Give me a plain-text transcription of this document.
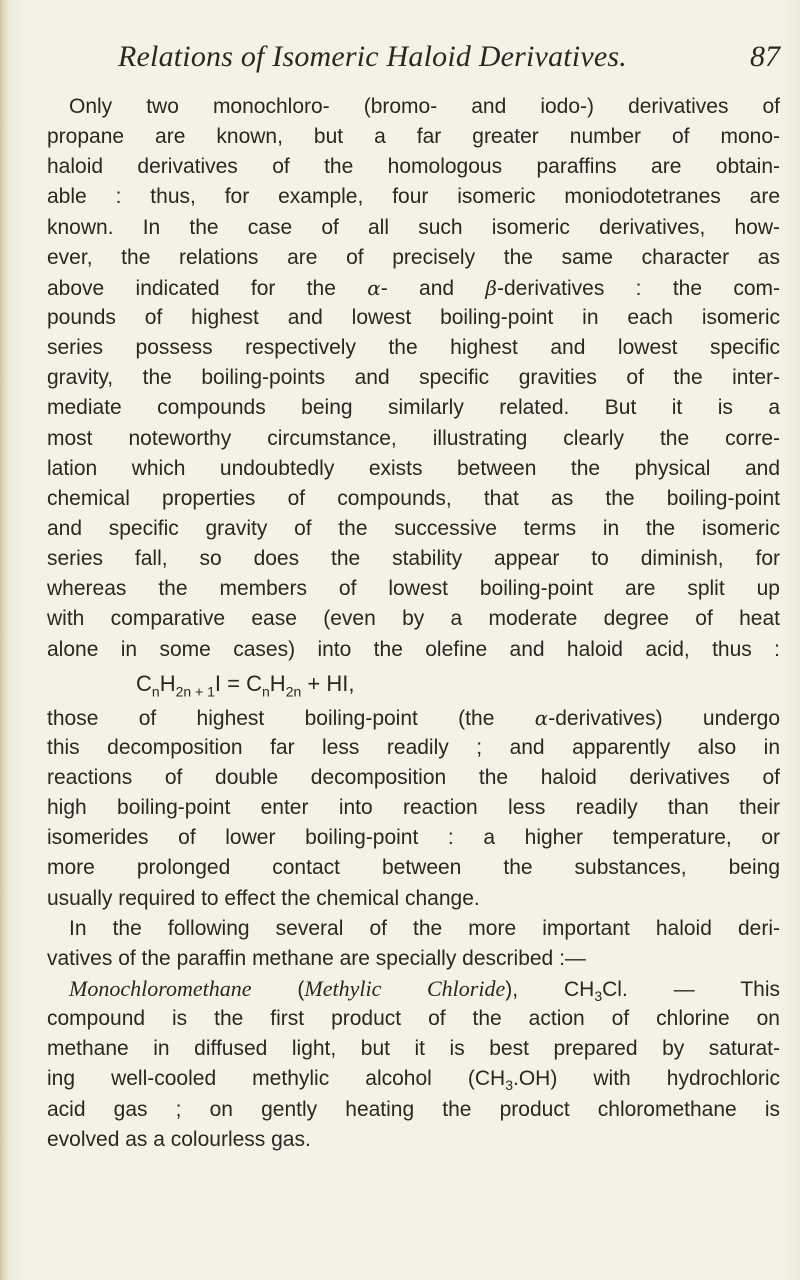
Relations of Isomeric Haloid Derivatives.	87
Only two monochloro- (bromo- and iodo-) derivatives of
propane are known, but a far greater number of mono-
haloid derivatives of the homologous paraffins are obtain-
able : thus, for example, four isomeric moniodotetranes are
known. In the case of all such isomeric derivatives, how-
ever, the relations are of precisely the same character as
above indicated for the α- and β-derivatives : the com-
pounds of highest and lowest boiling-point in each isomeric
series possess respectively the highest and lowest specific
gravity, the boiling-points and specific gravities of the inter-
mediate compounds being similarly related. But it is a
most noteworthy circumstance, illustrating clearly the corre-
lation which undoubtedly exists between the physical and
chemical properties of compounds, that as the boiling-point
and specific gravity of the successive terms in the isomeric
series fall, so does the stability appear to diminish, for
whereas the members of lowest boiling-point are split up
with comparative ease (even by a moderate degree of heat
alone in some cases) into the olefine and haloid acid, thus :
$C_nH_{2n + 1}I = C_nH_{2n}$ + HI,
those of highest boiling-point (the α-derivatives) undergo
this decomposition far less readily ; and apparently also in
reactions of double decomposition the haloid derivatives of
high boiling-point enter into reaction less readily than their
isomerides of lower boiling-point : a higher temperature, or
more prolonged contact between the substances, being
usually required to effect the chemical change.
In the following several of the more important haloid deri-
vatives of the paraffin methane are specially described :—
Monochloromethane (Methylic Chloride), $CH_3Cl$. — This
compound is the first product of the action of chlorine on
methane in diffused light, but it is best prepared by saturat-
ing well-cooled methylic alcohol $(CH_3.OH)$ with hydrochloric
acid gas ; on gently heating the product chloromethane is
evolved as a colourless gas.
